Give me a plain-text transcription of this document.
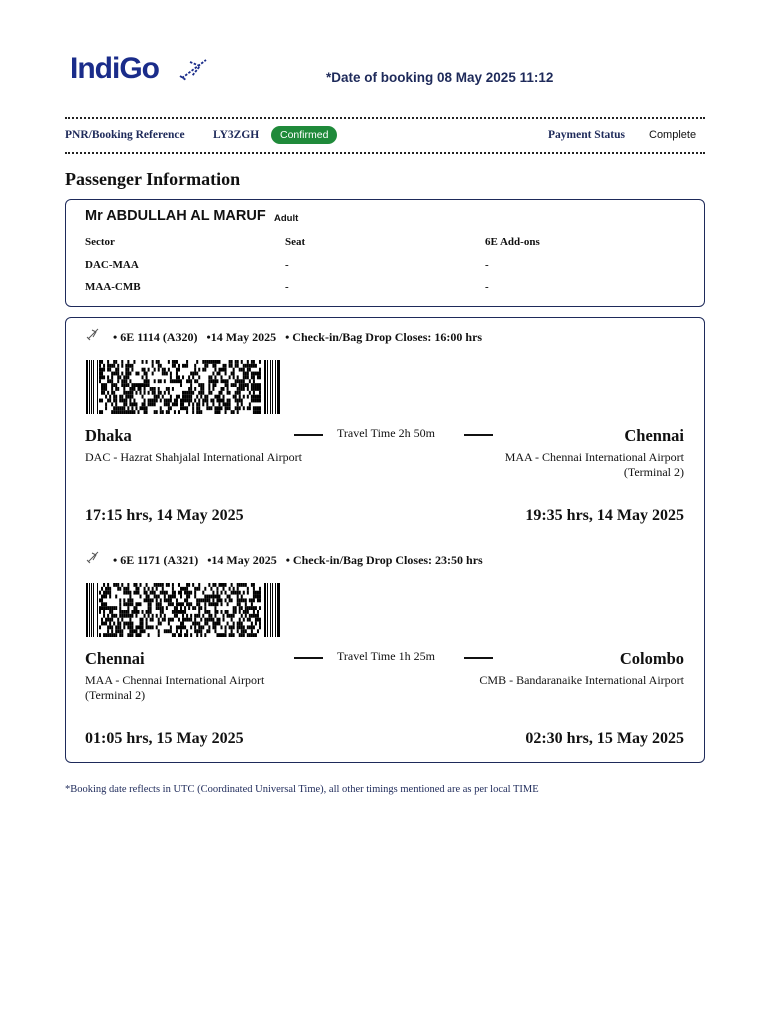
IndiGo	*Date of booking 08 May 2025 11:12
PNR/Booking Reference LY3ZGH	Confirmed	Payment Status Complete
Passenger Information
Mr ABDULLAH AL MARUF Adult
Sector	Seat	6E Add-ons
DAC-MAA	-	-
MAA-CMB	-	-
• 6E 1114 (A320) •14 May 2025 • Check-in/Bag Drop Closes: 16:00 hrs
Dhaka	Travel Time 2h 50m	Chennai
DAC - Hazrat Shahjalal International Airport	MAA - Chennai International Airport
(Terminal 2)
17:15 hrs, 14 May 2025	19:35 hrs, 14 May 2025
• 6E 1171 (A321) •14 May 2025 • Check-in/Bag Drop Closes: 23:50 hrs
Chennai	Travel Time 1h 25m	Colombo
MAA - Chennai International Airport
(Terminal 2)
CMB - Bandaranaike International Airport
01:05 hrs, 15 May 2025	02:30 hrs, 15 May 2025
*Booking date reflects in UTC (Coordinated Universal Time), all other timings mentioned are as per local TIME
